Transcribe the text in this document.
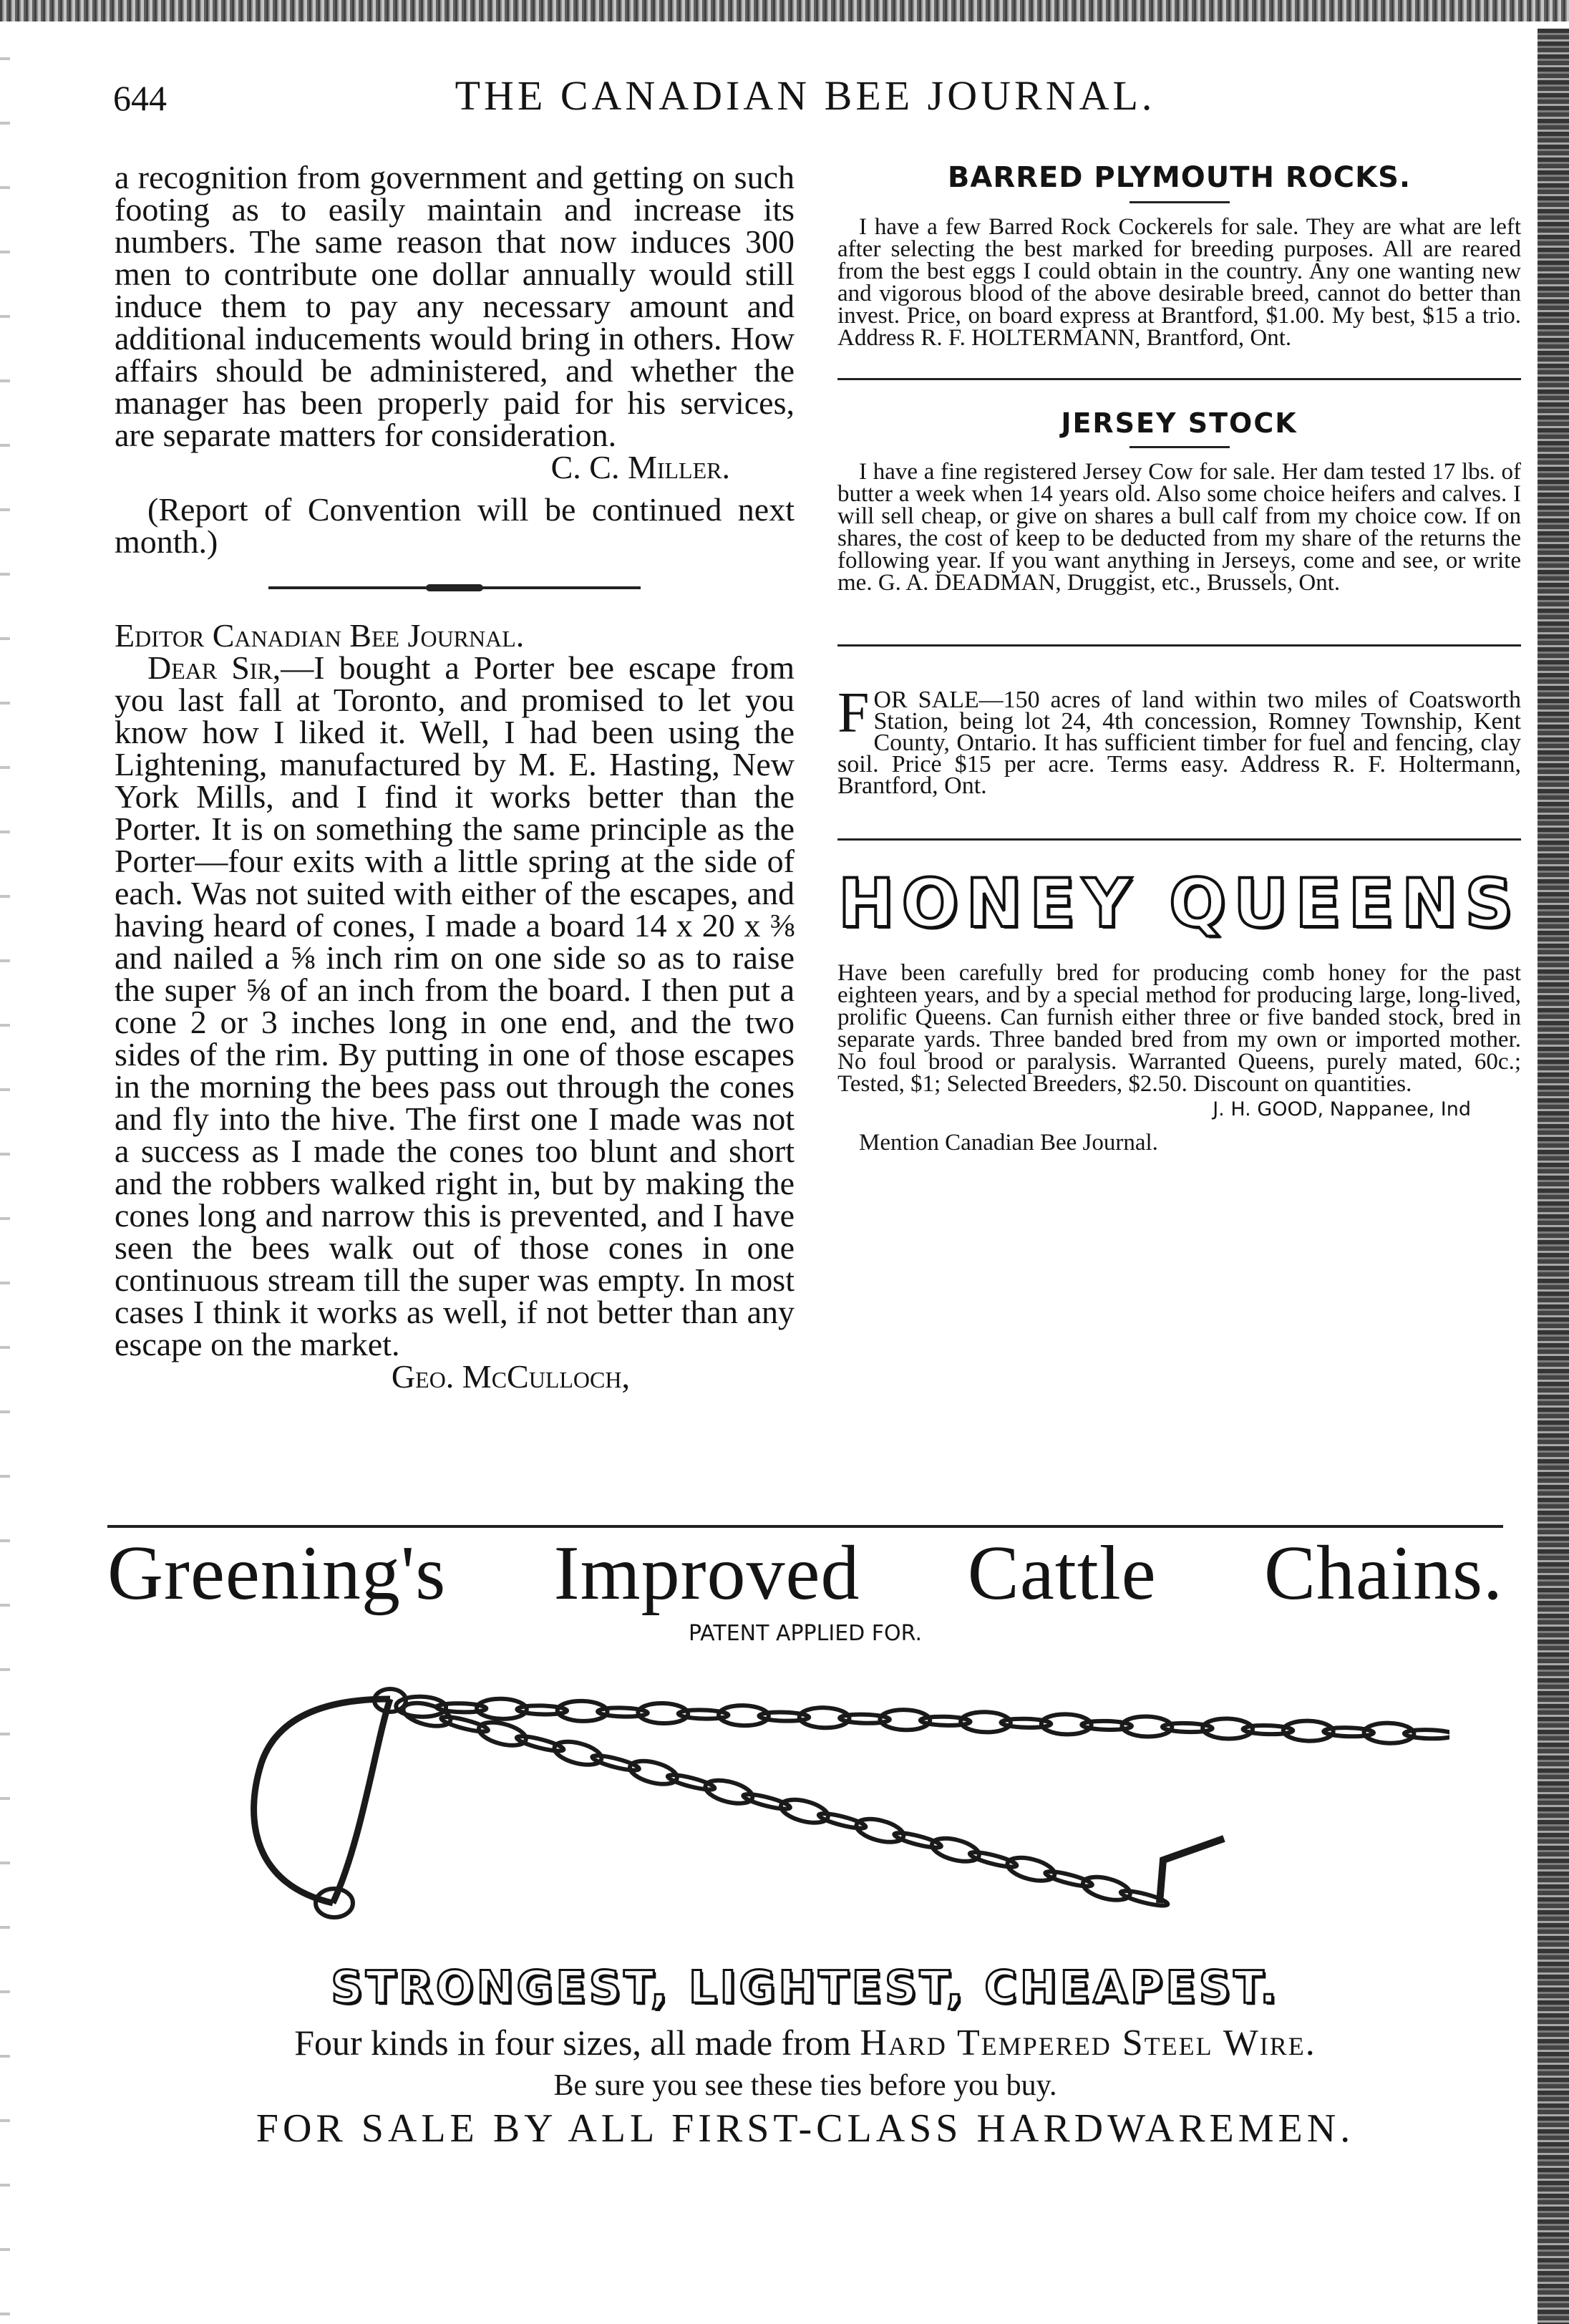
THE CANADIAN BEE JOURNAL.
644

a recognition from government and getting on such footing as to easily maintain and increase its numbers. The same reason that now induces 300 men to contribute one dollar annually would still induce them to pay any necessary amount and additional inducements would bring in others. How affairs should be administered, and whether the manager has been properly paid for his services, are separate matters for consideration.

C. C. Miller.

(Report of Convention will be continued next month.)

Editor Canadian Bee Journal.

Dear Sir,—I bought a Porter bee escape from you last fall at Toronto, and promised to let you know how I liked it. Well, I had been using the Lightening, manufactured by M. E. Hasting, New York Mills, and I find it works better than the Porter. It is on something the same principle as the Porter—four exits with a little spring at the side of each. Was not suited with either of the escapes, and having heard of cones, I made a board 14 x 20 x ⅜ and nailed a ⅝ inch rim on one side so as to raise the super ⅝ of an inch from the board. I then put a cone 2 or 3 inches long in one end, and the two sides of the rim. By putting in one of those escapes in the morning the bees pass out through the cones and fly into the hive. The first one I made was not a success as I made the cones too blunt and short and the robbers walked right in, but by making the cones long and narrow this is prevented, and I have seen the bees walk out of those cones in one continuous stream till the super was empty. In most cases I think it works as well, if not better than any escape on the market.

Geo. McCulloch,
BARRED PLYMOUTH ROCKS.

I have a few Barred Rock Cockerels for sale. They are what are left after selecting the best marked for breeding purposes. All are reared from the best eggs I could obtain in the country. Any one wanting new and vigorous blood of the above desirable breed, cannot do better than invest. Price, on board express at Brantford, $1.00. My best, $15 a trio. Address R. F. HOLTERMANN, Brantford, Ont.

JERSEY STOCK

I have a fine registered Jersey Cow for sale. Her dam tested 17 lbs. of butter a week when 14 years old. Also some choice heifers and calves. I will sell cheap, or give on shares a bull calf from my choice cow. If on shares, the cost of keep to be deducted from my share of the returns the following year. If you want anything in Jerseys, come and see, or write me. G. A. DEADMAN, Druggist, etc., Brussels, Ont.

FOR SALE—150 acres of land within two miles of Coatsworth Station, being lot 24, 4th concession, Romney Township, Kent County, Ontario. It has sufficient timber for fuel and fencing, clay soil. Price $15 per acre. Terms easy. Address R. F. Holtermann, Brantford, Ont.

HONEY QUEENS

Have been carefully bred for producing comb honey for the past eighteen years, and by a special method for producing large, long-lived, prolific Queens. Can furnish either three or five banded stock, bred in separate yards. Three banded bred from my own or imported mother. No foul brood or paralysis. Warranted Queens, purely mated, 60c.; Tested, $1; Selected Breeders, $2.50. Discount on quantities.

J. H. GOOD, Nappanee, Ind
Mention Canadian Bee Journal.
Greening's Improved Cattle Chains.
PATENT APPLIED FOR.
STRONGEST, LIGHTEST, CHEAPEST.
Four kinds in four sizes, all made from Hard Tempered Steel Wire.
Be sure you see these ties before you buy.
FOR SALE BY ALL FIRST-CLASS HARDWAREMEN.
